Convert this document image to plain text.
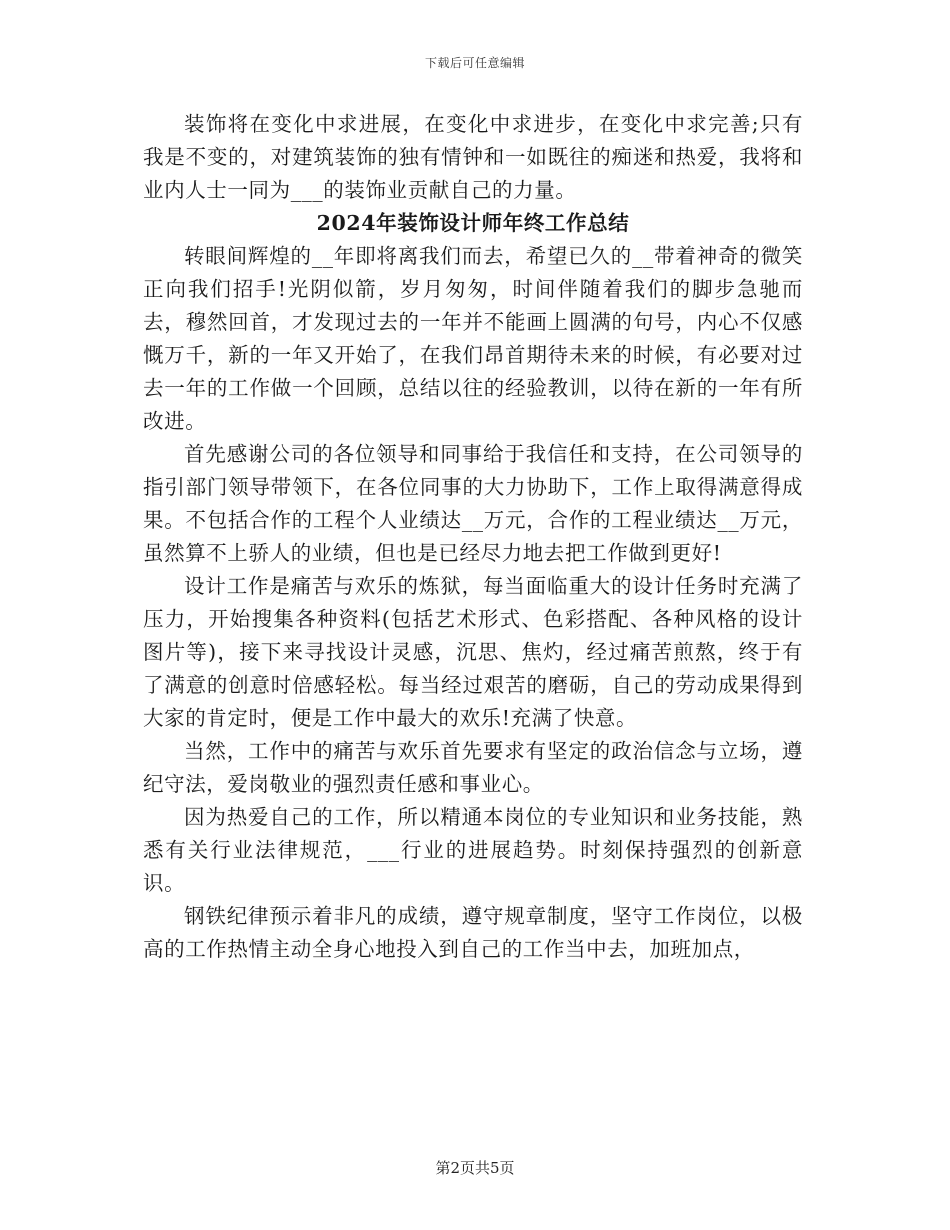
下载后可任意编辑

装饰将在变化中求进展，在变化中求进步，在变化中求完善;只有我是不变的，对建筑装饰的独有情钟和一如既往的痴迷和热爱，我将和业内人士一同为___的装饰业贡献自己的力量。

2024年装饰设计师年终工作总结

转眼间辉煌的__年即将离我们而去，希望已久的__带着神奇的微笑正向我们招手!光阴似箭，岁月匆匆，时间伴随着我们的脚步急驰而去，穆然回首，才发现过去的一年并不能画上圆满的句号，内心不仅感慨万千，新的一年又开始了，在我们昂首期待未来的时候，有必要对过去一年的工作做一个回顾，总结以往的经验教训，以待在新的一年有所改进。

首先感谢公司的各位领导和同事给于我信任和支持，在公司领导的指引部门领导带领下，在各位同事的大力协助下，工作上取得满意得成果。不包括合作的工程个人业绩达__万元，合作的工程业绩达__万元，虽然算不上骄人的业绩，但也是已经尽力地去把工作做到更好!

设计工作是痛苦与欢乐的炼狱，每当面临重大的设计任务时充满了压力，开始搜集各种资料(包括艺术形式、色彩搭配、各种风格的设计图片等)，接下来寻找设计灵感，沉思、焦灼，经过痛苦煎熬，终于有了满意的创意时倍感轻松。每当经过艰苦的磨砺，自己的劳动成果得到大家的肯定时，便是工作中最大的欢乐!充满了快意。

当然，工作中的痛苦与欢乐首先要求有坚定的政治信念与立场，遵纪守法，爱岗敬业的强烈责任感和事业心。

因为热爱自己的工作，所以精通本岗位的专业知识和业务技能，熟悉有关行业法律规范，___行业的进展趋势。时刻保持强烈的创新意识。

钢铁纪律预示着非凡的成绩，遵守规章制度，坚守工作岗位，以极高的工作热情主动全身心地投入到自己的工作当中去，加班加点，

第2页共5页
